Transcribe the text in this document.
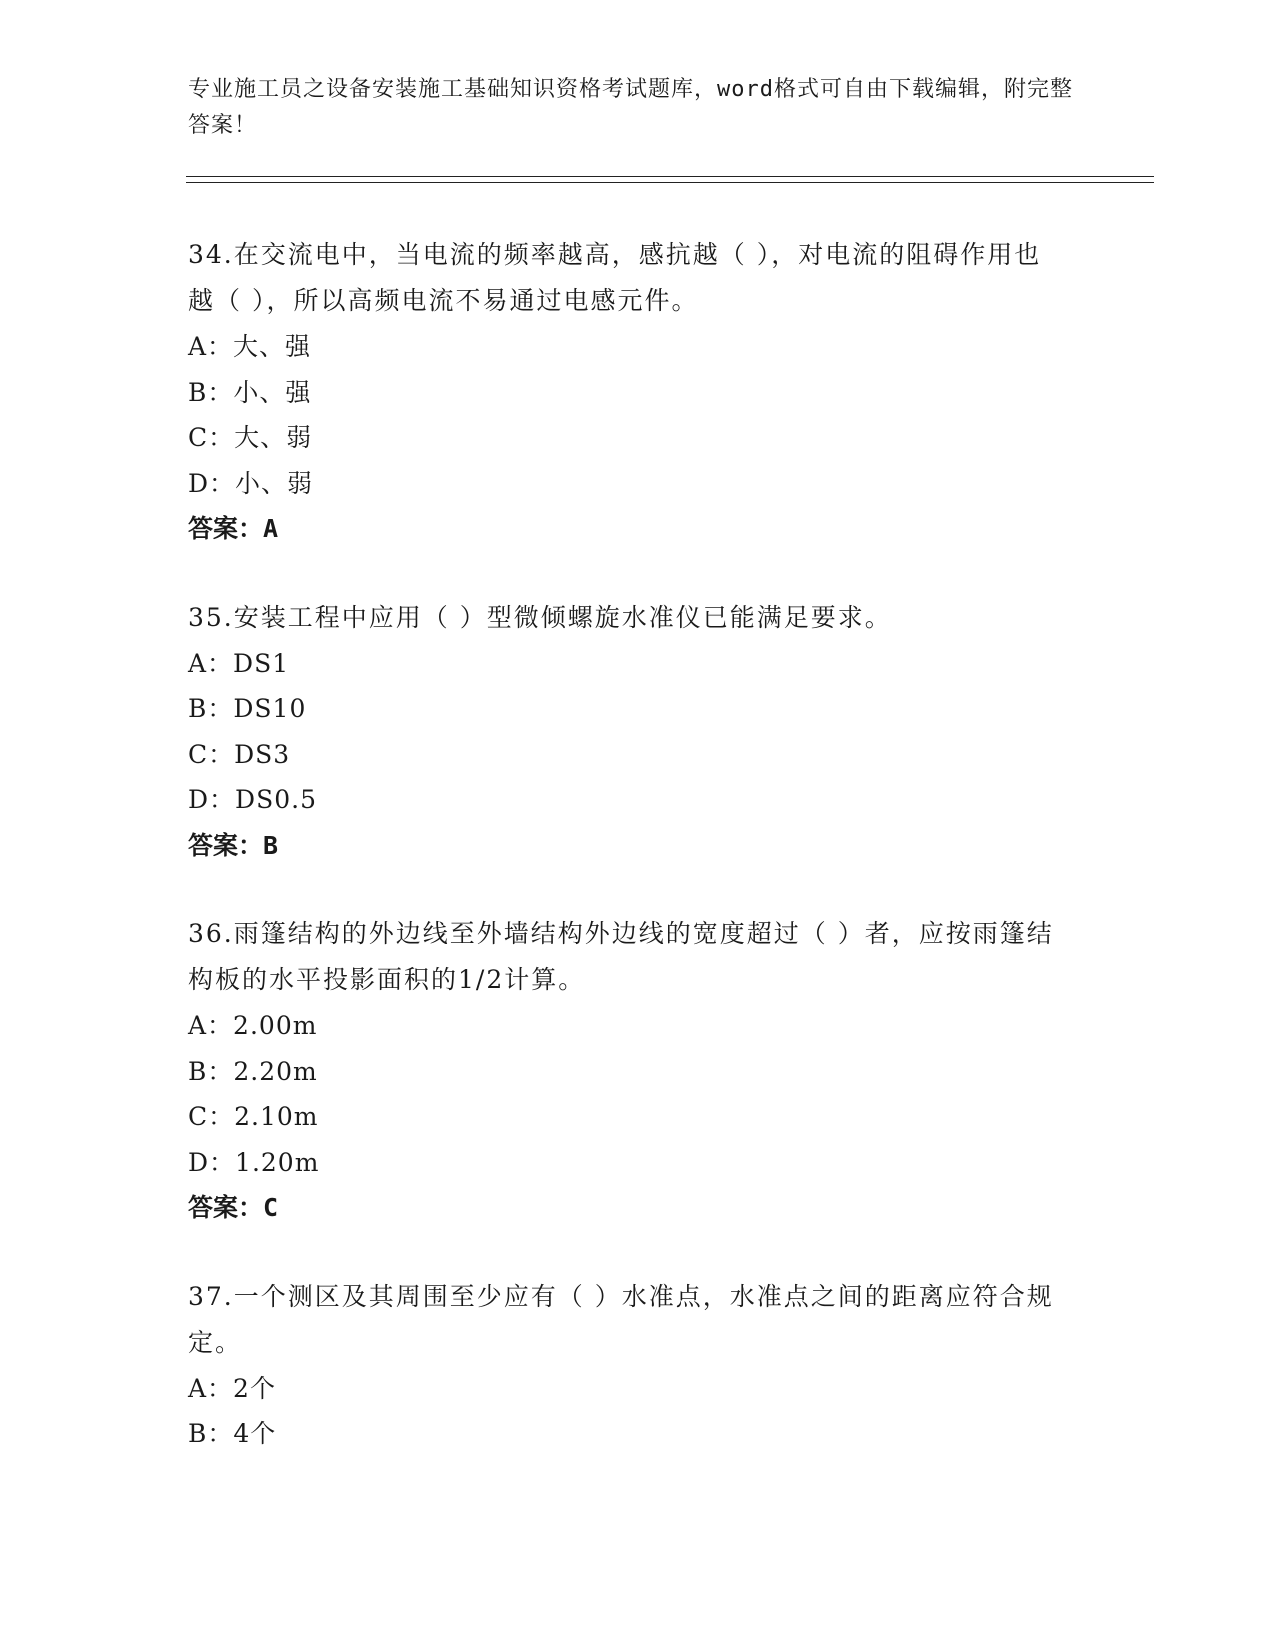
专业施工员之设备安装施工基础知识资格考试题库，word格式可自由下载编辑，附完整答案！
34.在交流电中，当电流的频率越高，感抗越（ ），对电流的阻碍作用也越（ ），所以高频电流不易通过电感元件。
A：大、强
B：小、强
C：大、弱
D：小、弱
答案：A
35.安装工程中应用（ ）型微倾螺旋水准仪已能满足要求。
A：DS1
B：DS10
C：DS3
D：DS0.5
答案：B
36.雨篷结构的外边线至外墙结构外边线的宽度超过（ ）者，应按雨篷结构板的水平投影面积的1/2计算。
A：2.00m
B：2.20m
C：2.10m
D：1.20m
答案：C
37.一个测区及其周围至少应有（ ）水准点，水准点之间的距离应符合规定。
A：2个
B：4个
